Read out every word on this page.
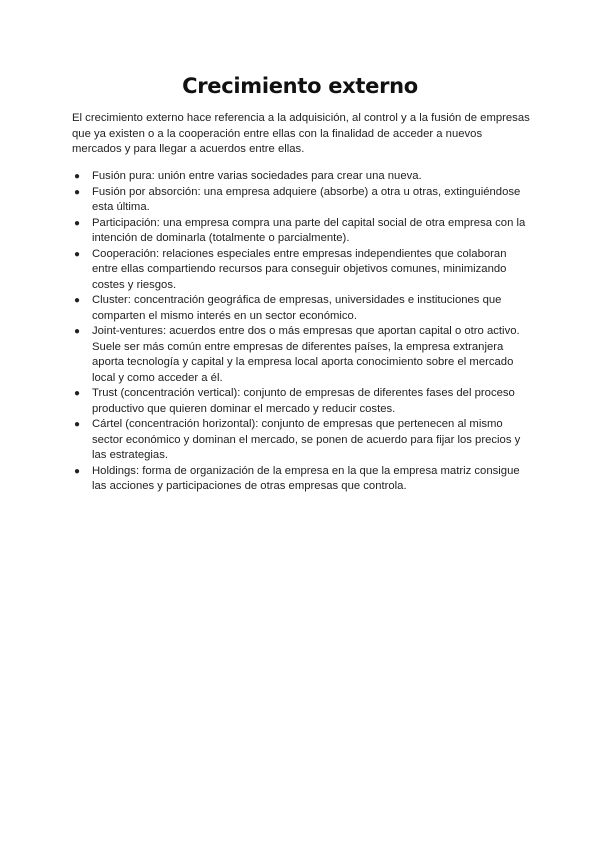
Crecimiento externo

El crecimiento externo hace referencia a la adquisición, al control y a la fusión de empresas que ya existen o a la cooperación entre ellas con la finalidad de acceder a nuevos mercados y para llegar a acuerdos entre ellas.

● Fusión pura: unión entre varias sociedades para crear una nueva.
● Fusión por absorción: una empresa adquiere (absorbe) a otra u otras, extinguiéndose esta última.
● Participación: una empresa compra una parte del capital social de otra empresa con la intención de dominarla (totalmente o parcialmente).
● Cooperación: relaciones especiales entre empresas independientes que colaboran entre ellas compartiendo recursos para conseguir objetivos comunes, minimizando costes y riesgos.
● Cluster: concentración geográfica de empresas, universidades e instituciones que comparten el mismo interés en un sector económico.
● Joint-ventures: acuerdos entre dos o más empresas que aportan capital o otro activo. Suele ser más común entre empresas de diferentes países, la empresa extranjera aporta tecnología y capital y la empresa local aporta conocimiento sobre el mercado local y como acceder a él.
● Trust (concentración vertical): conjunto de empresas de diferentes fases del proceso productivo que quieren dominar el mercado y reducir costes.
● Cártel (concentración horizontal): conjunto de empresas que pertenecen al mismo sector económico y dominan el mercado, se ponen de acuerdo para fijar los precios y las estrategias.
● Holdings: forma de organización de la empresa en la que la empresa matriz consigue las acciones y participaciones de otras empresas que controla.
